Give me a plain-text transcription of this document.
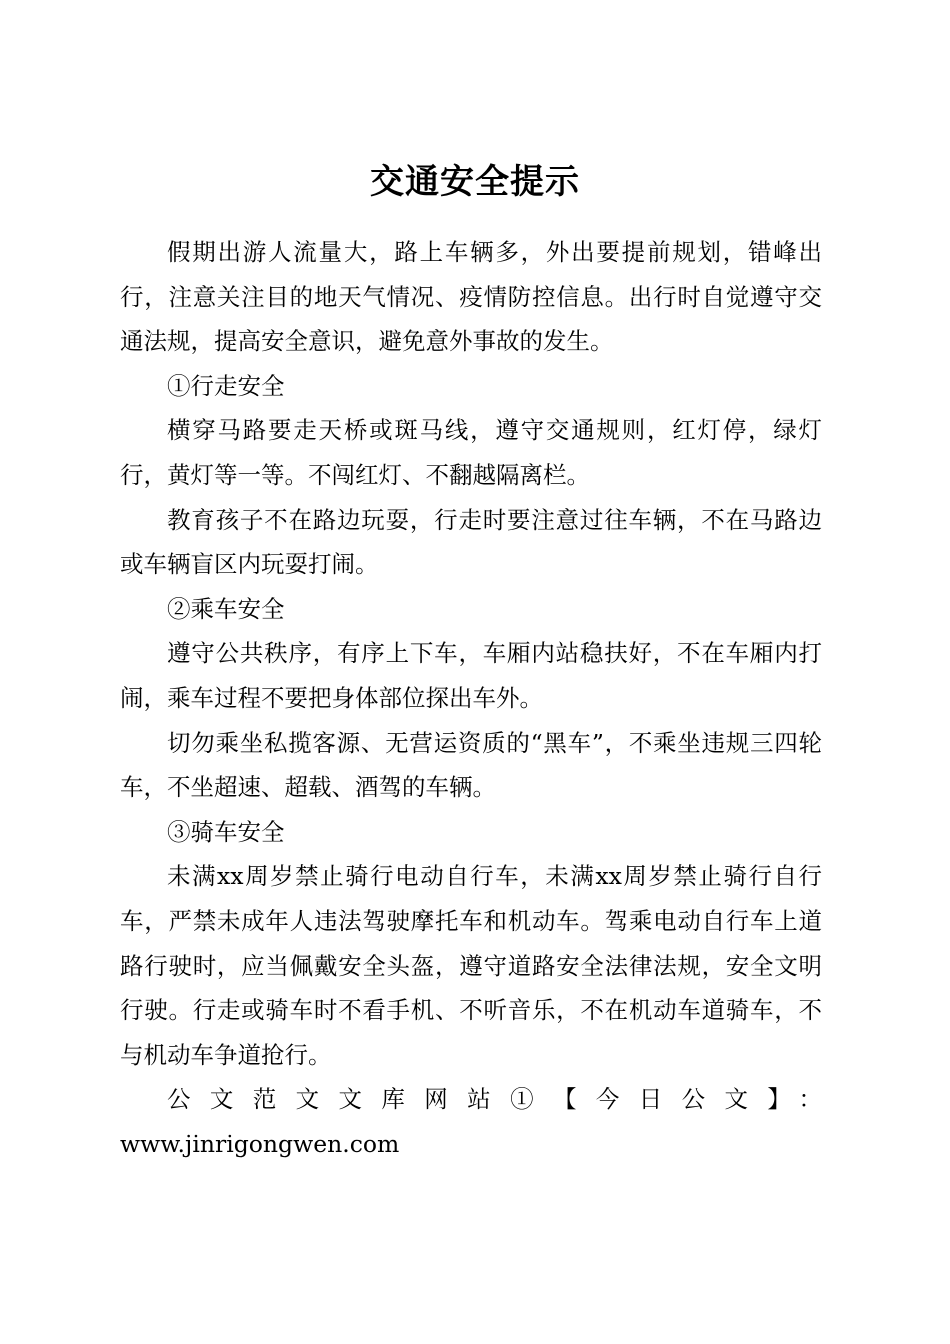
交通安全提示

假期出游人流量大，路上车辆多，外出要提前规划，错峰出行，注意关注目的地天气情况、疫情防控信息。出行时自觉遵守交通法规，提高安全意识，避免意外事故的发生。

①行走安全

横穿马路要走天桥或斑马线，遵守交通规则，红灯停，绿灯行，黄灯等一等。不闯红灯、不翻越隔离栏。

教育孩子不在路边玩耍，行走时要注意过往车辆，不在马路边或车辆盲区内玩耍打闹。

②乘车安全

遵守公共秩序，有序上下车，车厢内站稳扶好，不在车厢内打闹，乘车过程不要把身体部位探出车外。

切勿乘坐私揽客源、无营运资质的“黑车”，不乘坐违规三四轮车，不坐超速、超载、酒驾的车辆。

③骑车安全

未满xx周岁禁止骑行电动自行车，未满xx周岁禁止骑行自行车，严禁未成年人违法驾驶摩托车和机动车。驾乘电动自行车上道路行驶时，应当佩戴安全头盔，遵守道路安全法律法规，安全文明行驶。行走或骑车时不看手机、不听音乐，不在机动车道骑车，不与机动车争道抢行。

公文范文文库网站①【今日公文】：

www.jinrigongwen.com
